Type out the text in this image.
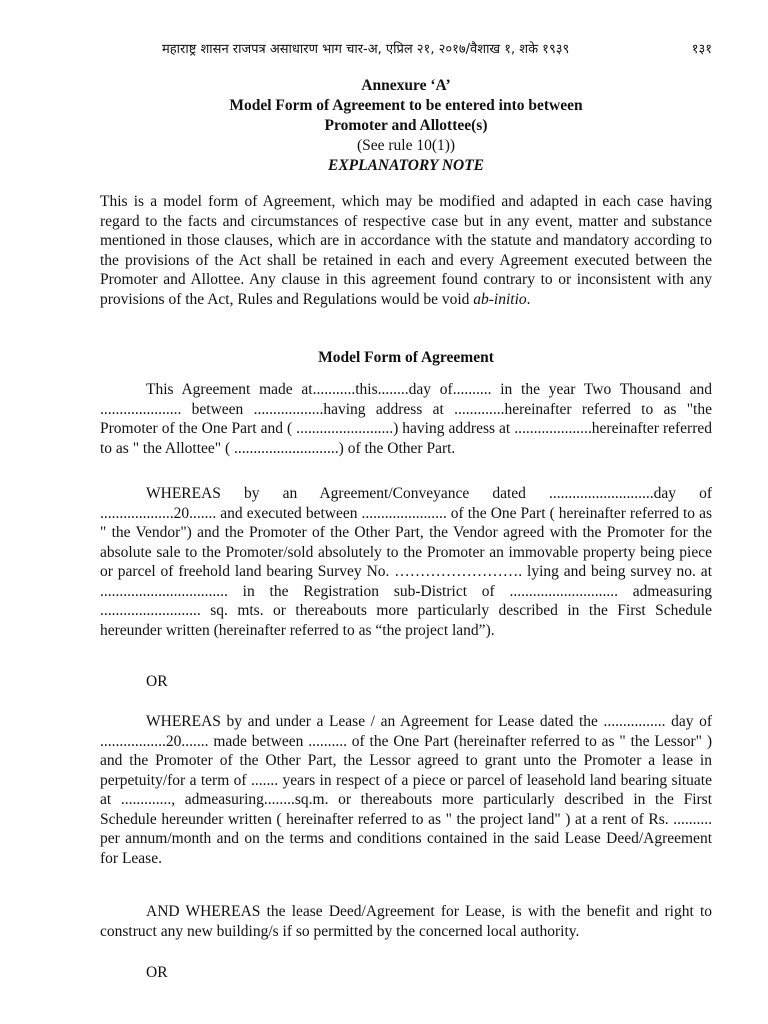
महाराष्ट्र शासन राजपत्र असाधारण भाग चार-अ, एप्रिल २१, २०१७/वैशाख १, शके १९३९	१३१
Annexure ‘A’
Model Form of Agreement to be entered into between
Promoter and Allottee(s)
(See rule 10(1))
EXPLANATORY NOTE

This is a model form of Agreement, which may be modified and adapted in each case having regard to the facts and circumstances of respective case but in any event, matter and substance mentioned in those clauses, which are in accordance with the statute and mandatory according to the provisions of the Act shall be retained in each and every Agreement executed between the Promoter and Allottee. Any clause in this agreement found contrary to or inconsistent with any provisions of the Act, Rules and Regulations would be void ab-initio.

Model Form of Agreement

This Agreement made at...........this........day of.......... in the year Two Thousand and ..................... between ..................having address at .............hereinafter referred to as "the Promoter of the One Part and ( .........................) having address at ....................hereinafter referred to as " the Allottee" ( ...........................) of the Other Part.

WHEREAS by an Agreement/Conveyance dated ...........................day of ...................20....... and executed between ...................... of the One Part ( hereinafter referred to as " the Vendor") and the Promoter of the Other Part, the Vendor agreed with the Promoter for the absolute sale to the Promoter/sold absolutely to the Promoter an immovable property being piece or parcel of freehold land bearing Survey No. ……………………. lying and being survey no. at ................................. in the Registration sub-District of ............................ admeasuring .......................... sq. mts. or thereabouts more particularly described in the First Schedule hereunder written (hereinafter referred to as “the project land”).

OR

WHEREAS by and under a Lease / an Agreement for Lease dated the ................ day of .................20....... made between .......... of the One Part (hereinafter referred to as " the Lessor" ) and the Promoter of the Other Part, the Lessor agreed to grant unto the Promoter a lease in perpetuity/for a term of ....... years in respect of a piece or parcel of leasehold land bearing situate at ............., admeasuring........sq.m. or thereabouts more particularly described in the First Schedule hereunder written ( hereinafter referred to as " the project land" ) at a rent of Rs. .......... per annum/month and on the terms and conditions contained in the said Lease Deed/Agreement for Lease.

AND WHEREAS the lease Deed/Agreement for Lease, is with the benefit and right to construct any new building/s if so permitted by the concerned local authority.

OR
